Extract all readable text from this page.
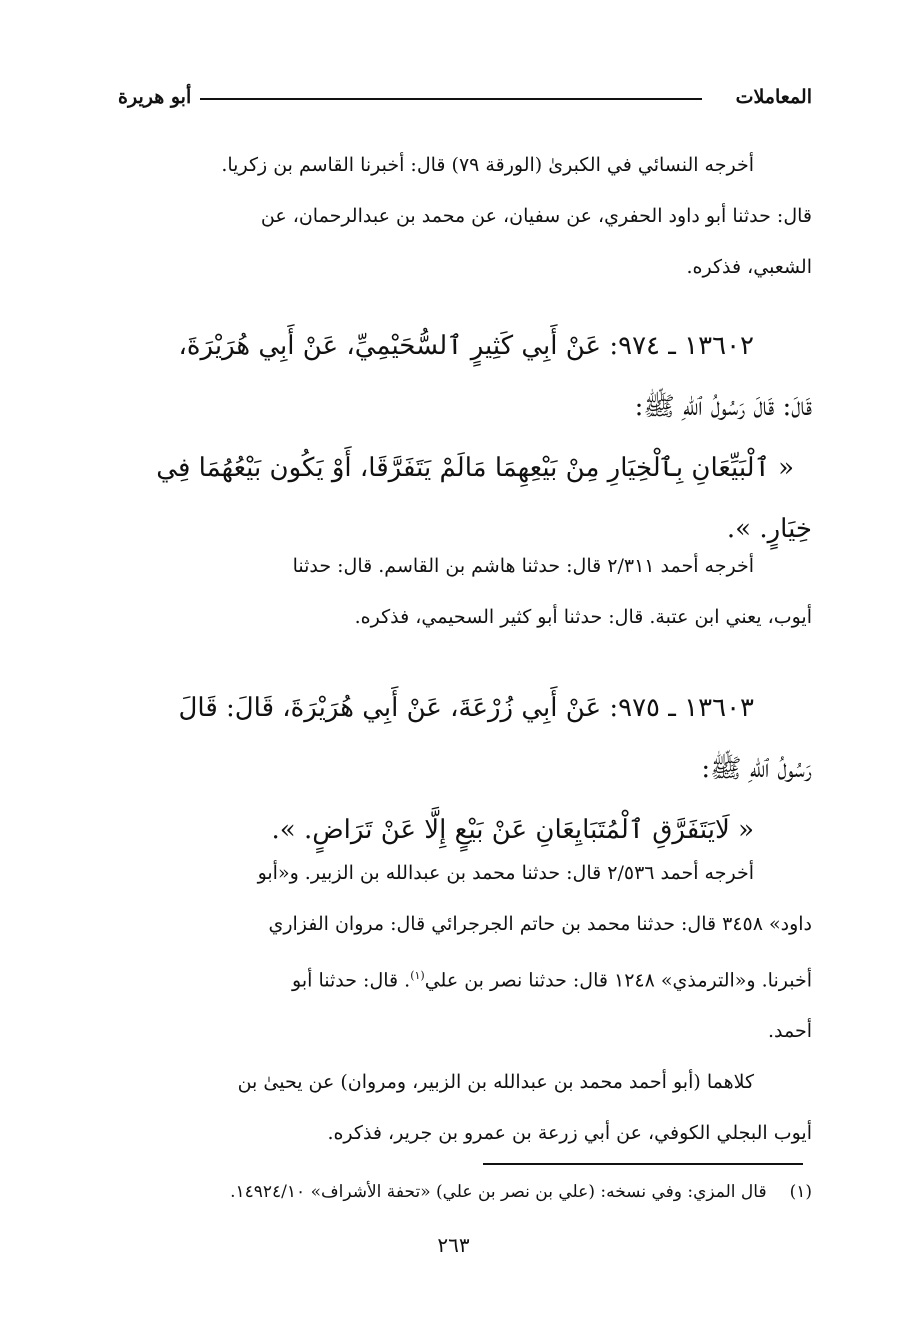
المعاملات
أبو هريرة

أخرجه النسائي في الكبرىٰ (الورقة ٧٩) قال: أخبرنا القاسم بن زكريا.

قال: حدثنا أبو داود الحفري، عن سفيان، عن محمد بن عبدالرحمان، عن

الشعبي، فذكره.

١٣٦٠٢ ـ ٩٧٤: عَنْ أَبِي كَثِيرٍ ٱلسُّحَيْمِيِّ، عَنْ أَبِي هُرَيْرَةَ،

قَالَ: قَالَ رَسُولُ ٱللهِ ﷺ:

« ٱلْبَيِّعَانِ بِٱلْخِيَارِ مِنْ بَيْعِهِمَا مَالَمْ يَتَفَرَّقَا، أَوْ يَكُون بَيْعُهُمَا فِي

خِيَارٍ. ».

أخرجه أحمد ٢/٣١١ قال: حدثنا هاشم بن القاسم. قال: حدثنا

أيوب، يعني ابن عتبة. قال: حدثنا أبو كثير السحيمي، فذكره.

١٣٦٠٣ ـ ٩٧٥: عَنْ أَبِي زُرْعَةَ، عَنْ أَبِي هُرَيْرَةَ، قَالَ: قَالَ

رَسُولُ ٱللهِ ﷺ:

« لَايَتَفَرَّقِ ٱلْمُتَبَايِعَانِ عَنْ بَيْعٍ إِلَّا عَنْ تَرَاضٍ. ».

أخرجه أحمد ٢/٥٣٦ قال: حدثنا محمد بن عبدالله بن الزبير. و«أبو

داود» ٣٤٥٨ قال: حدثنا محمد بن حاتم الجرجرائي قال: مروان الفزاري

أخبرنا. و«الترمذي» ١٢٤٨ قال: حدثنا نصر بن علي$^{(١)}$. قال: حدثنا أبو

أحمد.

كلاهما (أبو أحمد محمد بن عبدالله بن الزبير، ومروان) عن يحيىٰ بن

أيوب البجلي الكوفي، عن أبي زرعة بن عمرو بن جرير، فذكره.

(١) قال المزي: وفي نسخه: (علي بن نصر بن علي) «تحفة الأشراف» ١٤٩٢٤/١٠.
٢٦٣
